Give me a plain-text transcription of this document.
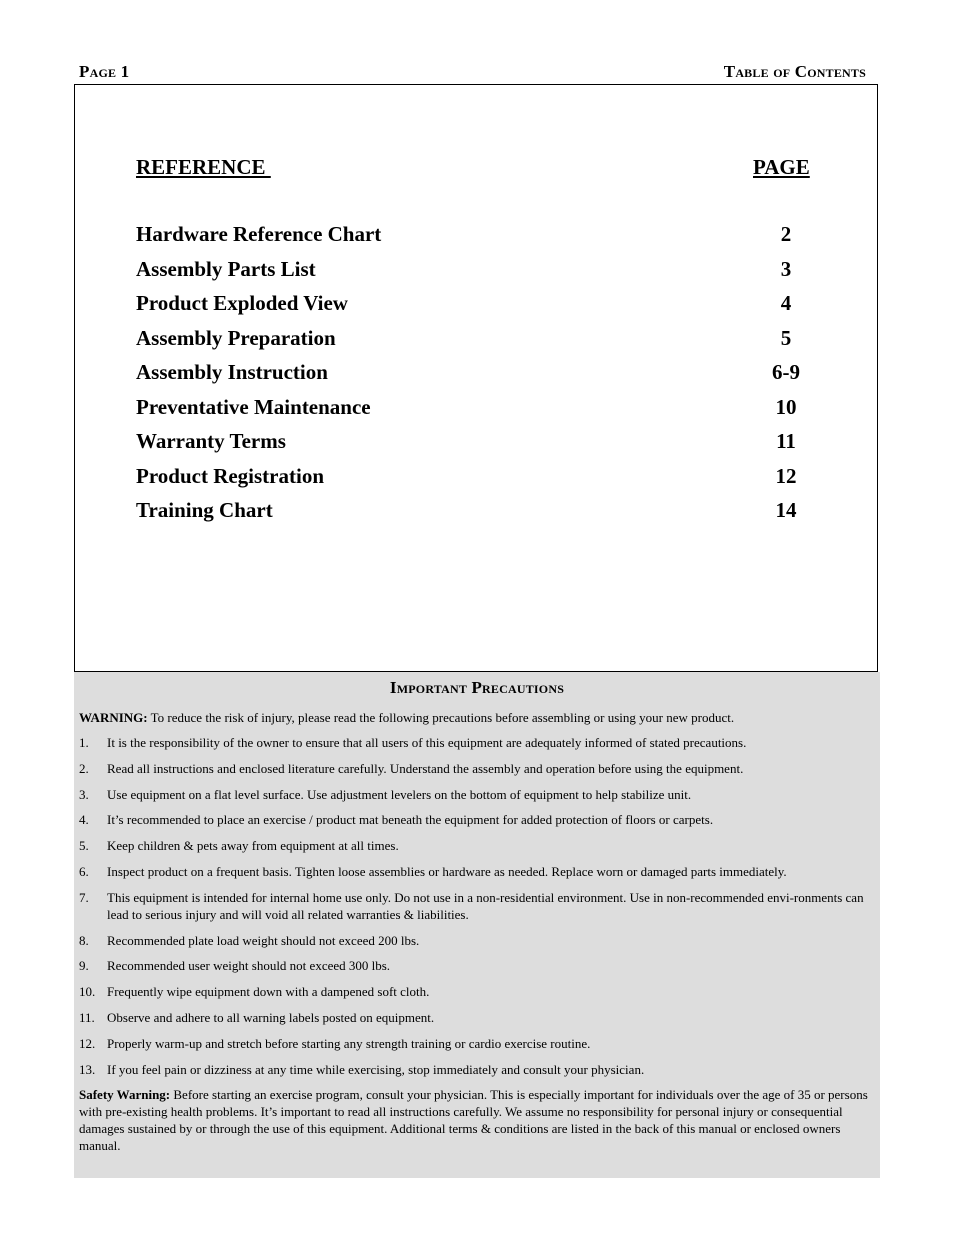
Page 1	Table of Contents
REFERENCE	PAGE
Hardware Reference Chart	2
Assembly Parts List	3
Product Exploded View	4
Assembly Preparation	5
Assembly Instruction	6-9
Preventative Maintenance	10
Warranty Terms	11
Product Registration	12
Training Chart	14
Important Precautions
WARNING: To reduce the risk of injury, please read the following precautions before assembling or using your new product.
1. It is the responsibility of the owner to ensure that all users of this equipment are adequately informed of stated precautions.
2. Read all instructions and enclosed literature carefully. Understand the assembly and operation before using the equipment.
3. Use equipment on a flat level surface. Use adjustment levelers on the bottom of equipment to help stabilize unit.
4. It’s recommended to place an exercise / product mat beneath the equipment for added protection of floors or carpets.
5. Keep children & pets away from equipment at all times.
6. Inspect product on a frequent basis. Tighten loose assemblies or hardware as needed. Replace worn or damaged parts immediately.
7. This equipment is intended for internal home use only. Do not use in a non-residential environment. Use in non-recommended envi-ronments can lead to serious injury and will void all related warranties & liabilities.
8. Recommended plate load weight should not exceed 200 lbs.
9. Recommended user weight should not exceed 300 lbs.
10. Frequently wipe equipment down with a dampened soft cloth.
11. Observe and adhere to all warning labels posted on equipment.
12. Properly warm-up and stretch before starting any strength training or cardio exercise routine.
13. If you feel pain or dizziness at any time while exercising, stop immediately and consult your physician.
Safety Warning: Before starting an exercise program, consult your physician. This is especially important for individuals over the age of 35 or persons with pre-existing health problems. It’s important to read all instructions carefully. We assume no responsibility for personal injury or consequential damages sustained by or through the use of this equipment. Additional terms & conditions are listed in the back of this manual or enclosed owners manual.
